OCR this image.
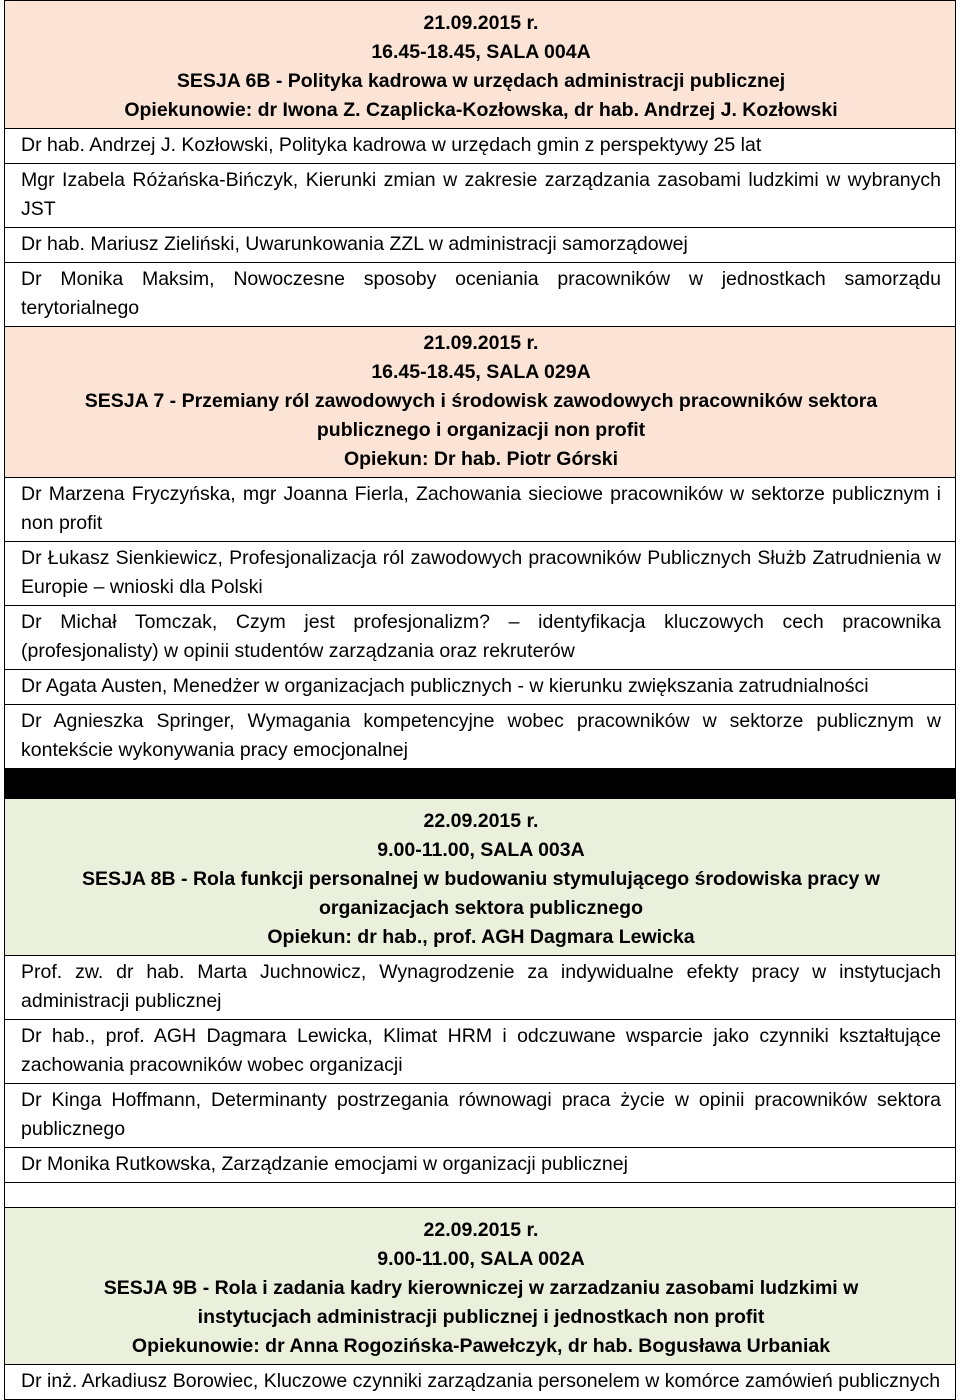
21.09.2015 r.
16.45-18.45, SALA 004A
SESJA 6B - Polityka kadrowa w urzędach administracji publicznej
Opiekunowie: dr Iwona Z. Czaplicka-Kozłowska, dr hab. Andrzej J. Kozłowski

Dr hab. Andrzej J. Kozłowski, Polityka kadrowa w urzędach gmin z perspektywy 25 lat
Mgr Izabela Różańska-Bińczyk, Kierunki zmian w zakresie zarządzania zasobami ludzkimi w wybranych JST
Dr hab. Mariusz Zieliński, Uwarunkowania ZZL w administracji samorządowej
Dr Monika Maksim, Nowoczesne sposoby oceniania pracowników w jednostkach samorządu terytorialnego

21.09.2015 r.
16.45-18.45, SALA 029A
SESJA 7 - Przemiany ról zawodowych i środowisk zawodowych pracowników sektora publicznego i organizacji non profit
Opiekun: Dr hab. Piotr Górski

Dr Marzena Fryczyńska, mgr Joanna Fierla, Zachowania sieciowe pracowników w sektorze publicznym i non profit
Dr Łukasz Sienkiewicz, Profesjonalizacja ról zawodowych pracowników Publicznych Służb Zatrudnienia w Europie – wnioski dla Polski
Dr Michał Tomczak, Czym jest profesjonalizm? – identyfikacja kluczowych cech pracownika (profesjonalisty) w opinii studentów zarządzania oraz rekruterów
Dr Agata Austen, Menedżer w organizacjach publicznych - w kierunku zwiększania zatrudnialności
Dr Agnieszka Springer, Wymagania kompetencyjne wobec pracowników w sektorze publicznym w kontekście wykonywania pracy emocjonalnej

22.09.2015 r.
9.00-11.00, SALA 003A
SESJA 8B - Rola funkcji personalnej w budowaniu stymulującego środowiska pracy w organizacjach sektora publicznego
Opiekun: dr hab., prof. AGH Dagmara Lewicka

Prof. zw. dr hab. Marta Juchnowicz, Wynagrodzenie za indywidualne efekty pracy w instytucjach administracji publicznej
Dr hab., prof. AGH Dagmara Lewicka, Klimat HRM i odczuwane wsparcie jako czynniki kształtujące zachowania pracowników wobec organizacji
Dr Kinga Hoffmann, Determinanty postrzegania równowagi praca życie w opinii pracowników sektora publicznego
Dr Monika Rutkowska, Zarządzanie emocjami w organizacji publicznej

22.09.2015 r.
9.00-11.00, SALA 002A
SESJA 9B - Rola i zadania kadry kierowniczej w zarzadzaniu zasobami ludzkimi w instytucjach administracji publicznej i jednostkach non profit
Opiekunowie: dr Anna Rogozińska-Pawełczyk, dr hab. Bogusława Urbaniak

Dr inż. Arkadiusz Borowiec, Kluczowe czynniki zarządzania personelem w komórce zamówień publicznych
